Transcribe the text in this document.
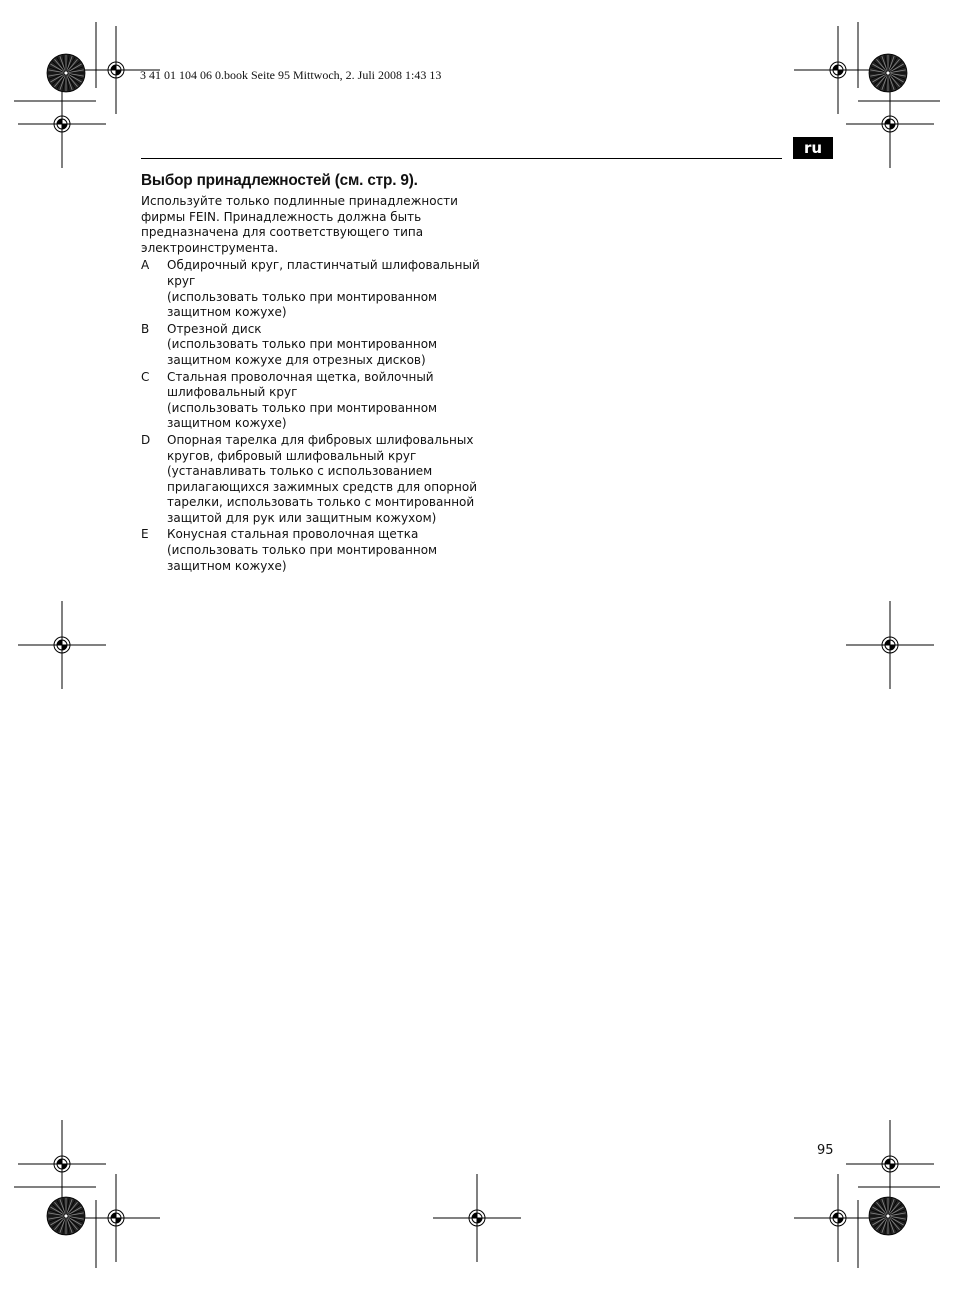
3 41 01 104 06 0.book Seite 95 Mittwoch, 2. Juli 2008 1:43 13
ru
Выбор принадлежностей (см. стр. 9).

Используйте только подлинные принадлежности
фирмы FEIN. Принадлежность должна быть
предназначена для соответствующего типа
электроинструмента.

A Обдирочный круг, пластинчатый шлифовальный
круг
(использовать только при монтированном
защитном кожухе)
B Отрезной диск
(использовать только при монтированном
защитном кожухе для отрезных дисков)
C Стальная проволочная щетка, войлочный
шлифовальный круг
(использовать только при монтированном
защитном кожухе)
D Опорная тарелка для фибровых шлифовальных
кругов, фибровый шлифовальный круг
(устанавливать только с использованием
прилагающихся зажимных средств для опорной
тарелки, использовать только с монтированной
защитой для рук или защитным кожухом)
E Конусная стальная проволочная щетка
(использовать только при монтированном
защитном кожухе)
95
